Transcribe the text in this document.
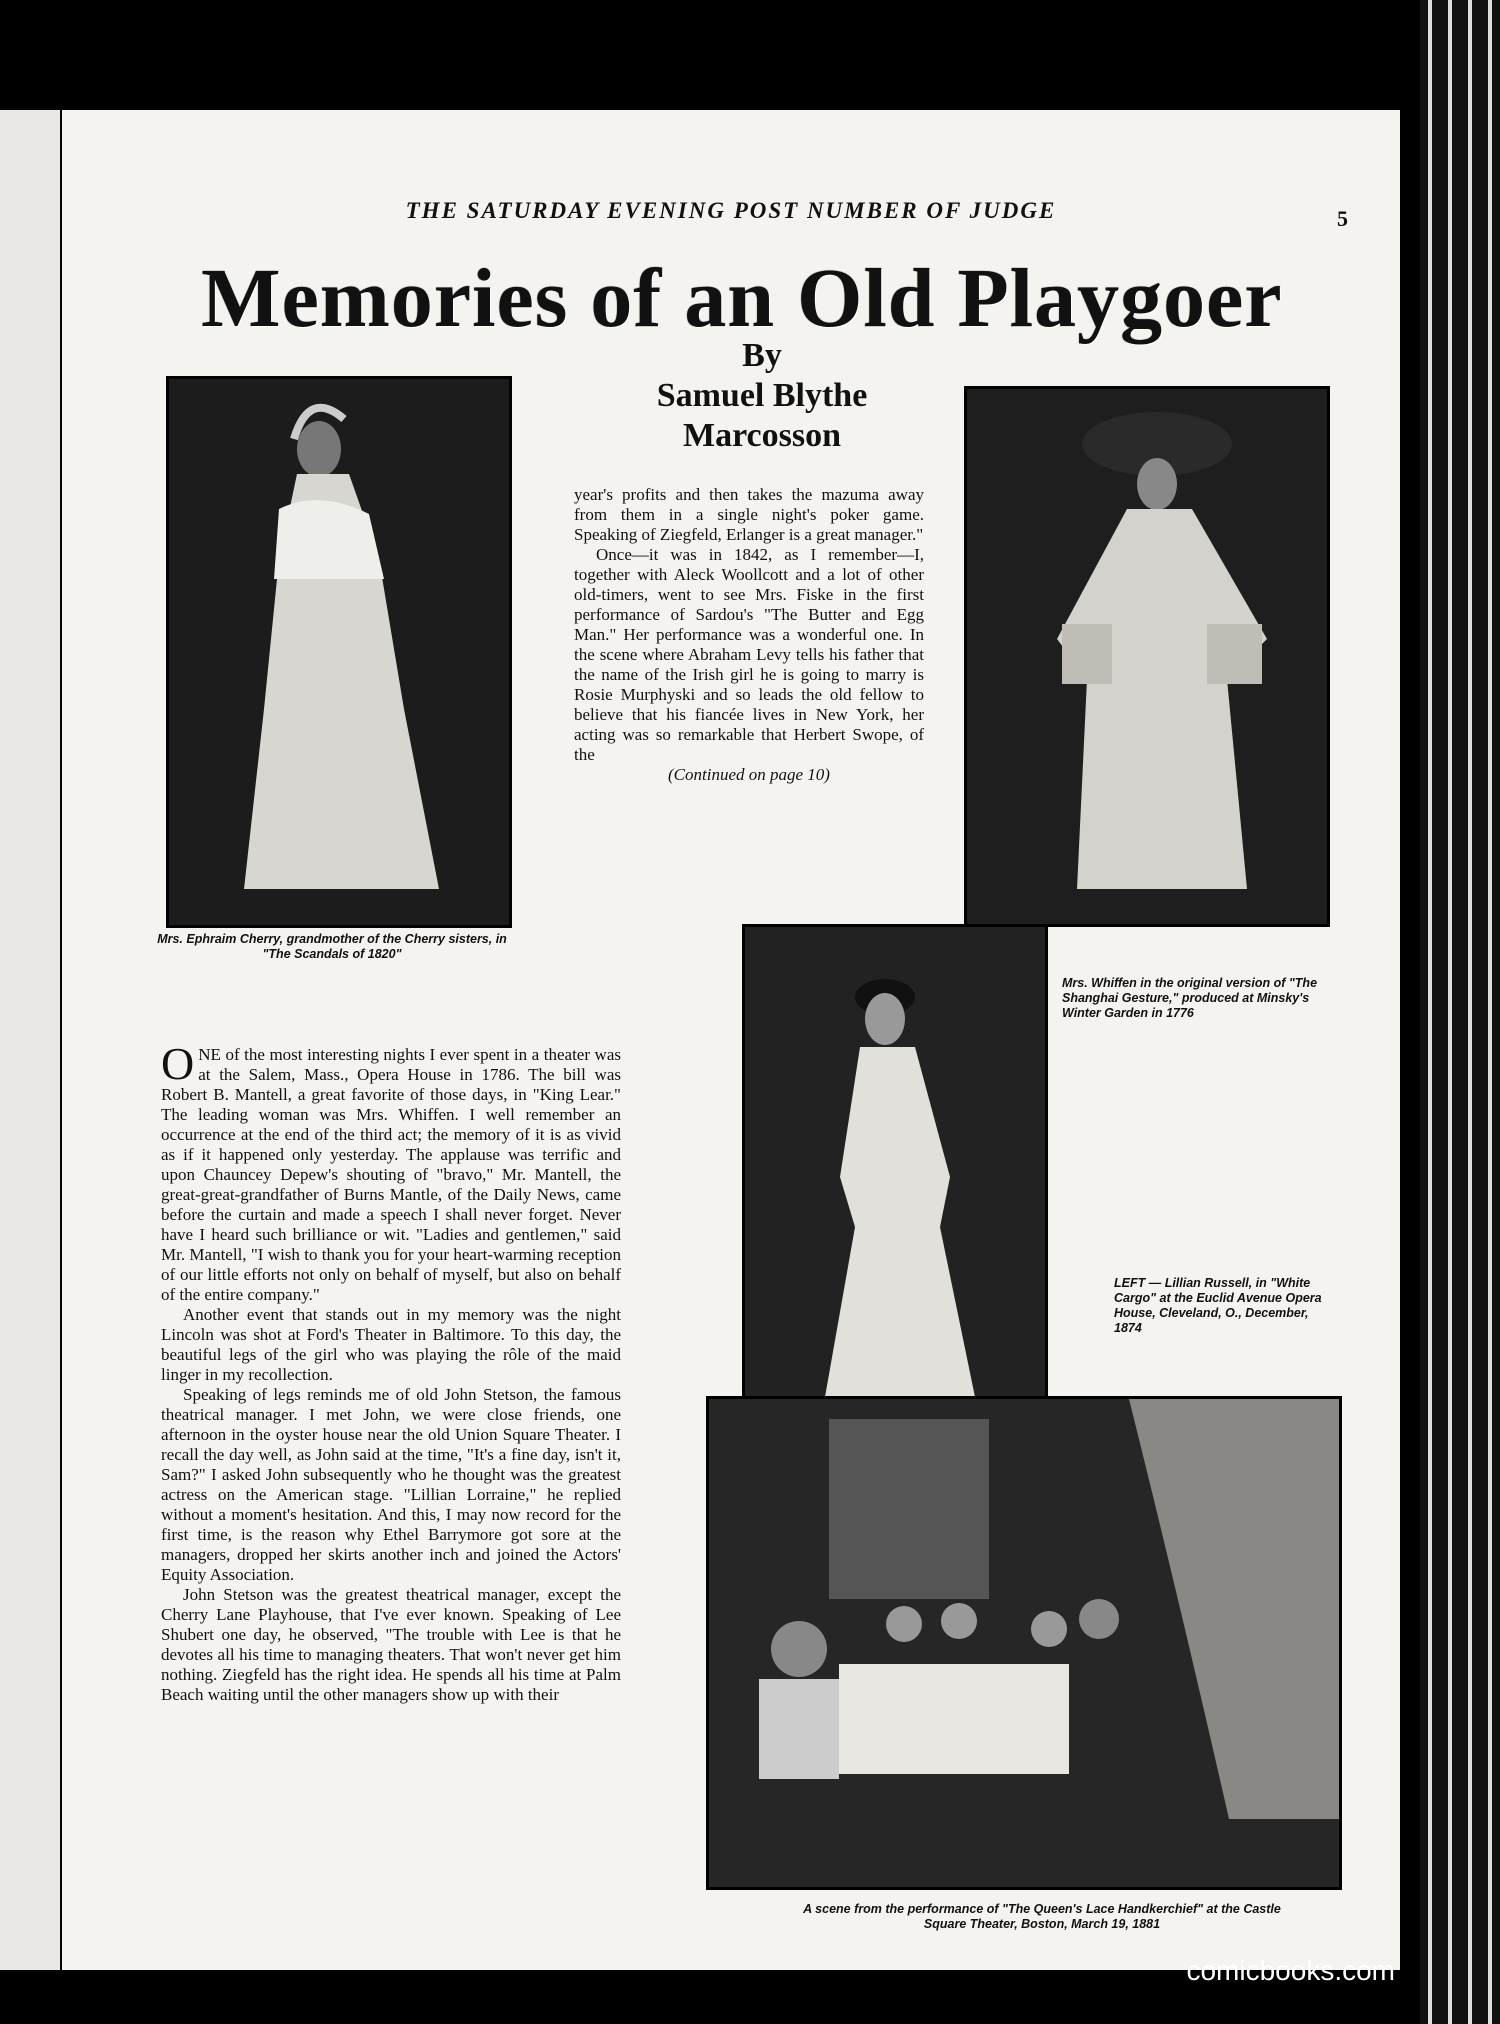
THE SATURDAY EVENING POST NUMBER OF JUDGE	5
Memories of an Old Playgoer
By
Samuel Blythe
Marcosson
Mrs. Ephraim Cherry, grandmother of the Cherry sisters, in "The Scandals of 1820"

year's profits and then takes the mazuma away from them in a single night's poker game. Speaking of Ziegfeld, Erlanger is a great manager."

Once—it was in 1842, as I remember—I, together with Aleck Woollcott and a lot of other old-timers, went to see Mrs. Fiske in the first performance of Sardou's "The Butter and Egg Man." Her performance was a wonderful one. In the scene where Abraham Levy tells his father that the name of the Irish girl he is going to marry is Rosie Murphyski and so leads the old fellow to believe that his fiancée lives in New York, her acting was so remarkable that Herbert Swope, of the

(Continued on page 10)
Mrs. Whiffen in the original version of "The Shanghai Gesture," produced at Minsky's Winter Garden in 1776

ONE of the most interesting nights I ever spent in a theater was at the Salem, Mass., Opera House in 1786. The bill was Robert B. Mantell, a great favorite of those days, in "King Lear." The leading woman was Mrs. Whiffen. I well remember an occurrence at the end of the third act; the memory of it is as vivid as if it happened only yesterday. The applause was terrific and upon Chauncey Depew's shouting of "bravo," Mr. Mantell, the great-great-grandfather of Burns Mantle, of the Daily News, came before the curtain and made a speech I shall never forget. Never have I heard such brilliance or wit. "Ladies and gentlemen," said Mr. Mantell, "I wish to thank you for your heart-warming reception of our little efforts not only on behalf of myself, but also on behalf of the entire company."

Another event that stands out in my memory was the night Lincoln was shot at Ford's Theater in Baltimore. To this day, the beautiful legs of the girl who was playing the rôle of the maid linger in my recollection.

Speaking of legs reminds me of old John Stetson, the famous theatrical manager. I met John, we were close friends, one afternoon in the oyster house near the old Union Square Theater. I recall the day well, as John said at the time, "It's a fine day, isn't it, Sam?" I asked John subsequently who he thought was the greatest actress on the American stage. "Lillian Lorraine," he replied without a moment's hesitation. And this, I may now record for the first time, is the reason why Ethel Barrymore got sore at the managers, dropped her skirts another inch and joined the Actors' Equity Association.

John Stetson was the greatest theatrical manager, except the Cherry Lane Playhouse, that I've ever known. Speaking of Lee Shubert one day, he observed, "The trouble with Lee is that he devotes all his time to managing theaters. That won't never get him nothing. Ziegfeld has the right idea. He spends all his time at Palm Beach waiting until the other managers show up with their

LEFT — Lillian Russell, in "White Cargo" at the Euclid Avenue Opera House, Cleveland, O., December, 1874
A scene from the performance of "The Queen's Lace Handkerchief" at the Castle Square Theater, Boston, March 19, 1881
comicbooks.com
